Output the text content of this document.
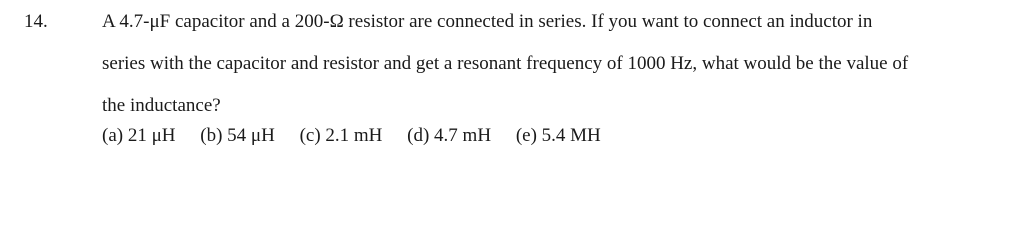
14.	A 4.7-μF capacitor and a 200-Ω resistor are connected in series. If you want to connect an inductor in
series with the capacitor and resistor and get a resonant frequency of 1000 Hz, what would be the value of
the inductance?
(a) 21 μH (b) 54 μH (c) 2.1 mH (d) 4.7 mH (e) 5.4 MH
